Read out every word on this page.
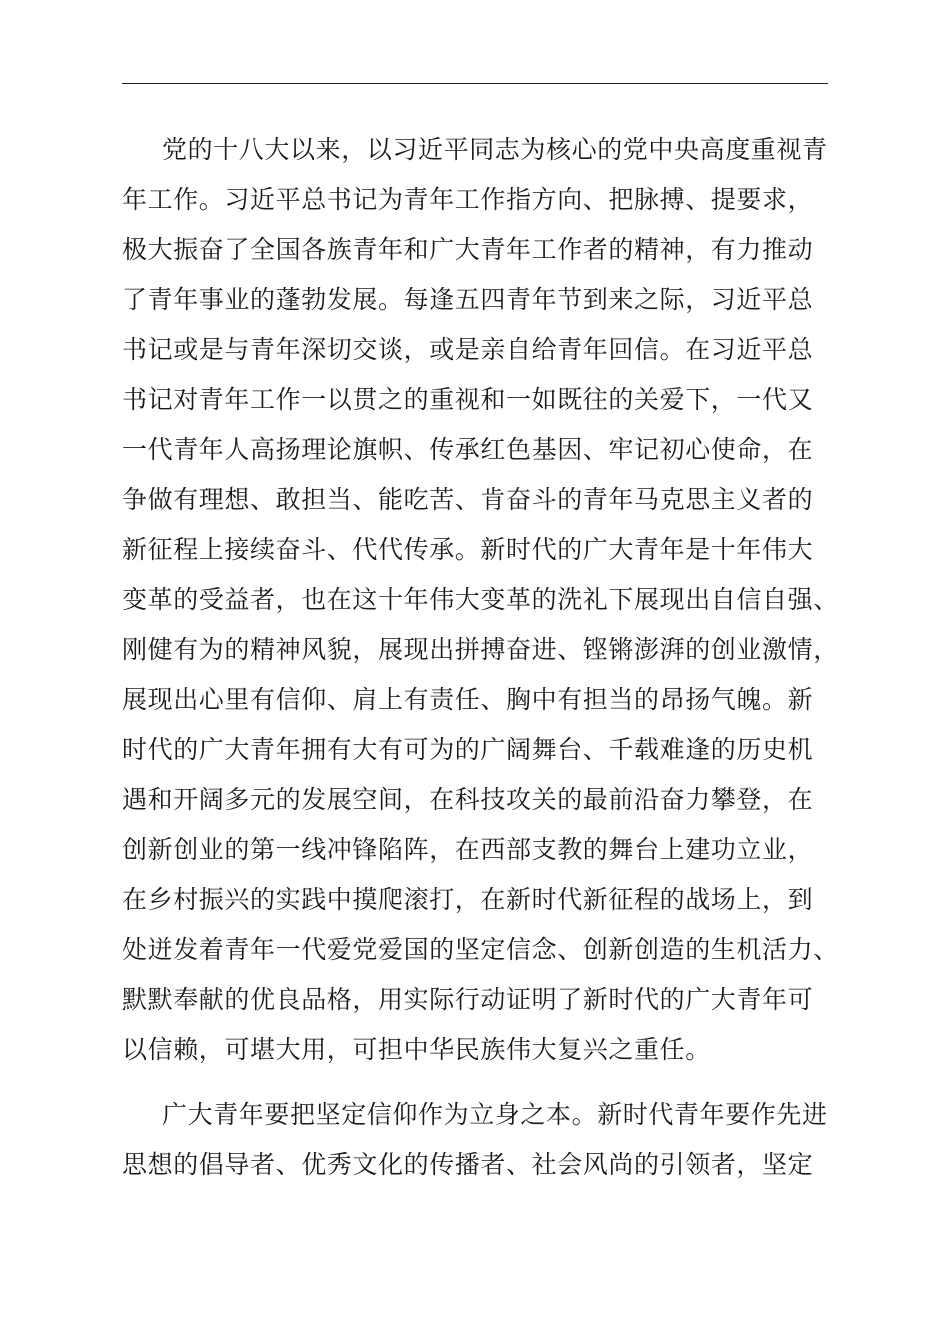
党的十八大以来，以习近平同志为核心的党中央高度重视青
年工作。习近平总书记为青年工作指方向、把脉搏、提要求，
极大振奋了全国各族青年和广大青年工作者的精神，有力推动
了青年事业的蓬勃发展。每逢五四青年节到来之际，习近平总
书记或是与青年深切交谈，或是亲自给青年回信。在习近平总
书记对青年工作一以贯之的重视和一如既往的关爱下，一代又
一代青年人高扬理论旗帜、传承红色基因、牢记初心使命，在
争做有理想、敢担当、能吃苦、肯奋斗的青年马克思主义者的
新征程上接续奋斗、代代传承。新时代的广大青年是十年伟大
变革的受益者，也在这十年伟大变革的洗礼下展现出自信自强、
刚健有为的精神风貌，展现出拼搏奋进、铿锵澎湃的创业激情，
展现出心里有信仰、肩上有责任、胸中有担当的昂扬气魄。新
时代的广大青年拥有大有可为的广阔舞台、千载难逢的历史机
遇和开阔多元的发展空间，在科技攻关的最前沿奋力攀登，在
创新创业的第一线冲锋陷阵，在西部支教的舞台上建功立业，
在乡村振兴的实践中摸爬滚打，在新时代新征程的战场上，到
处迸发着青年一代爱党爱国的坚定信念、创新创造的生机活力、
默默奉献的优良品格，用实际行动证明了新时代的广大青年可
以信赖，可堪大用，可担中华民族伟大复兴之重任。
广大青年要把坚定信仰作为立身之本。新时代青年要作先进
思想的倡导者、优秀文化的传播者、社会风尚的引领者，坚定
